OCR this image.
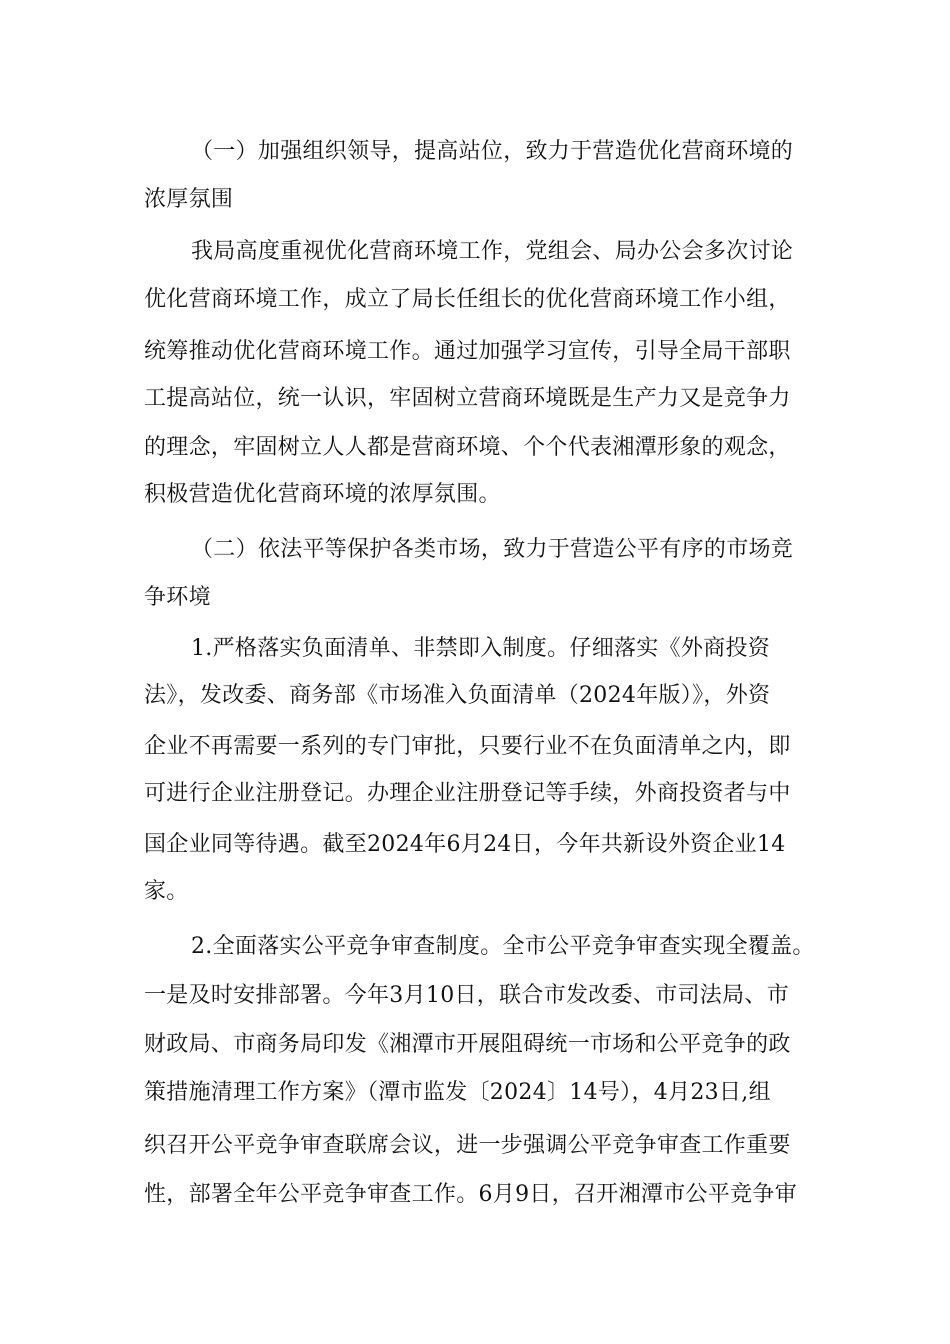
（一）加强组织领导，提高站位，致力于营造优化营商环境的
浓厚氛围
我局高度重视优化营商环境工作，党组会、局办公会多次讨论
优化营商环境工作，成立了局长任组长的优化营商环境工作小组，
统筹推动优化营商环境工作。通过加强学习宣传，引导全局干部职
工提高站位，统一认识，牢固树立营商环境既是生产力又是竞争力
的理念，牢固树立人人都是营商环境、个个代表湘潭形象的观念，
积极营造优化营商环境的浓厚氛围。
（二）依法平等保护各类市场，致力于营造公平有序的市场竞
争环境
1.严格落实负面清单、非禁即入制度。仔细落实《外商投资
法》，发改委、商务部《市场准入负面清单（2024年版）》，外资
企业不再需要一系列的专门审批，只要行业不在负面清单之内，即
可进行企业注册登记。办理企业注册登记等手续，外商投资者与中
国企业同等待遇。截至2024年6月24日，今年共新设外资企业14
家。
2.全面落实公平竞争审查制度。全市公平竞争审查实现全覆盖。
一是及时安排部署。今年3月10日，联合市发改委、市司法局、市
财政局、市商务局印发《湘潭市开展阻碍统一市场和公平竞争的政
策措施清理工作方案》（潭市监发〔2024〕14号），4月23日,组
织召开公平竞争审查联席会议，进一步强调公平竞争审查工作重要
性，部署全年公平竞争审查工作。6月9日，召开湘潭市公平竞争审
